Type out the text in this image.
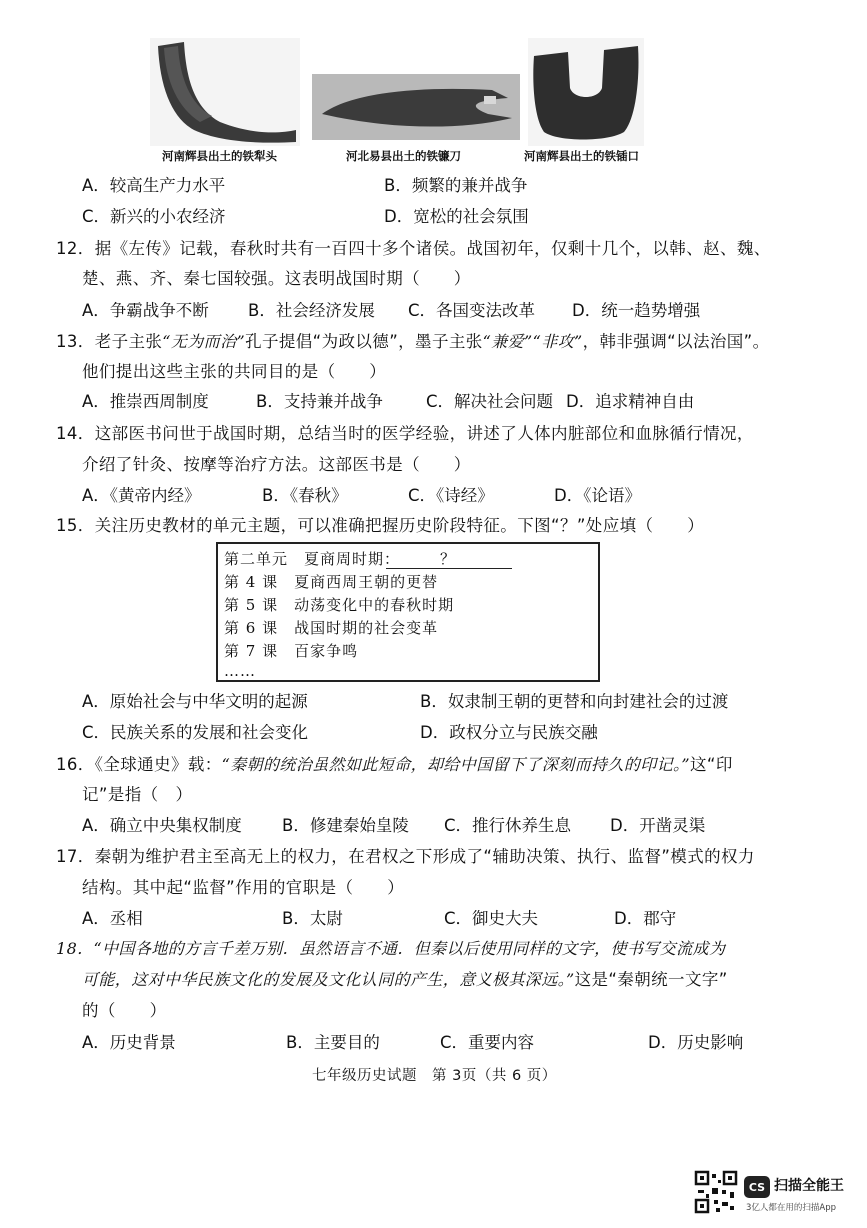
河南辉县出土的铁犁头	河北易县出土的铁镰刀	河南辉县出土的铁锸口
A．较高生产力水平	B．频繁的兼并战争
C．新兴的小农经济	D．宽松的社会氛围
12．据《左传》记载，春秋时共有一百四十多个诸侯。战国初年，仅剩十几个，以韩、赵、魏、
楚、燕、齐、秦七国较强。这表明战国时期（　　）
A．争霸战争不断 B．社会经济发展 C．各国变法改革 D．统一趋势增强
13．老子主张“无为而治”孔子提倡“为政以德”，墨子主张“兼爱”“非攻”，韩非强调“以法治国”。
他们提出这些主张的共同目的是（　　）
A．推崇西周制度	B．支持兼并战争	C．解决社会问题 D．追求精神自由
14．这部医书问世于战国时期，总结当时的医学经验，讲述了人体内脏部位和血脉循行情况，
介绍了针灸、按摩等治疗方法。这部医书是（　　）
A．《黄帝内经》	B．《春秋》	C．《诗经》	D．《论语》
15．关注历史教材的单元主题，可以准确把握历史阶段特征。下图“？”处应填（　　）
第二单元　夏商周时期：	？
第 4 课　夏商西周王朝的更替
第 5 课　动荡变化中的春秋时期
第 6 课　战国时期的社会变革
第 7 课　百家争鸣
……
A．原始社会与中华文明的起源	B．奴隶制王朝的更替和向封建社会的过渡
C．民族关系的发展和社会变化	D．政权分立与民族交融
16．《全球通史》载：“秦朝的统治虽然如此短命，却给中国留下了深刻而持久的印记。”这“印
记”是指（　）
A．确立中央集权制度 B．修建秦始皇陵 C．推行休养生息 D．开凿灵渠
17．秦朝为维护君主至高无上的权力，在君权之下形成了“辅助决策、执行、监督”模式的权力
结构。其中起“监督”作用的官职是（　　）
A．丞相	B．太尉	C．御史大夫	D．郡守
18．“中国各地的方言千差万别．虽然语言不通．但秦以后使用同样的文字，使书写交流成为
可能，这对中华民族文化的发展及文化认同的产生，意义极其深远。”这是“秦朝统一文字”
的（　　）
A．历史背景	B．主要目的	C．重要内容	D．历史影响
七年级历史试题　第 3页（共 6 页）
CS 扫描全能王
3亿人都在用的扫描App
